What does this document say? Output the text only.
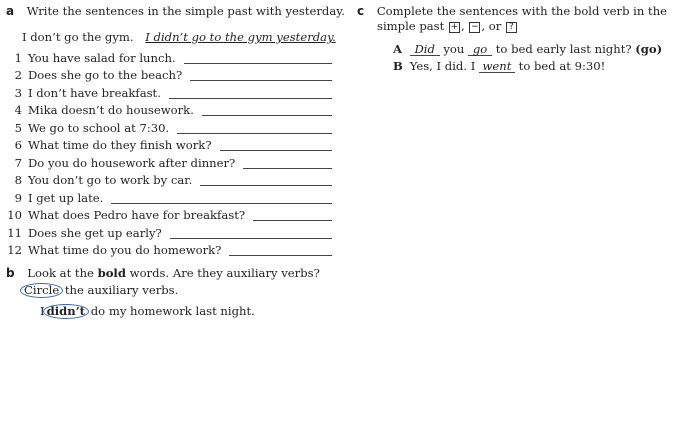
a Write the sentences in the simple past with yesterday.
I don’t go the gym. I didn’t go to the gym yesterday.
1 You have salad for lunch.
2 Does she go to the beach?
3 I don’t have breakfast.
4 Mika doesn’t do housework.
5 We go to school at 7:30.
6 What time do they finish work?
7 Do you do housework after dinner?
8 You don’t go to work by car.
9 I get up late.
10 What does Pedro have for breakfast?
11 Does she get up early?
12 What time do you do homework?
b Look at the bold words. Are they auxiliary verbs?
Circle the auxiliary verbs.
I didn’t do my homework last night.
c Complete the sentences with the bold verb in the
simple past + , − , or ?
A Did you go to bed early last night? (go)
B Yes, I did. I went to bed at 9:30!
